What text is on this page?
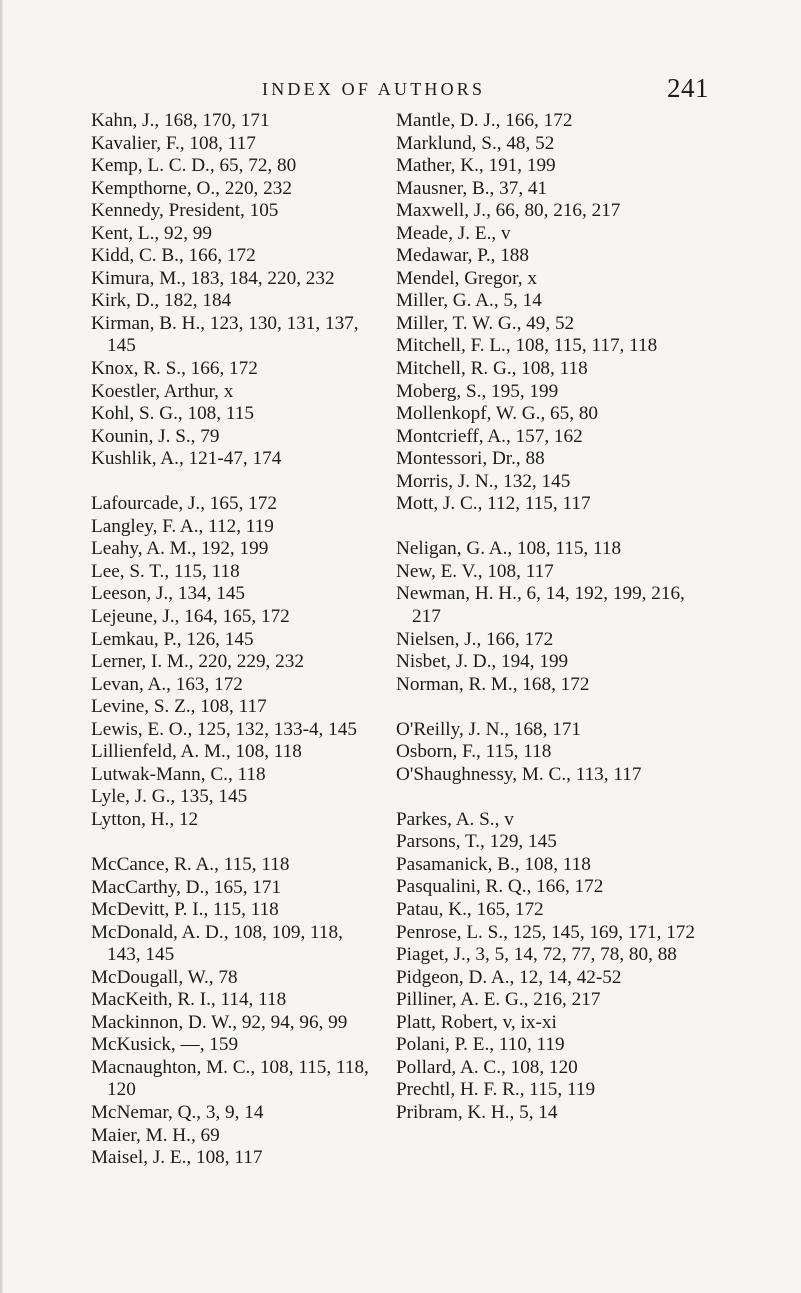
INDEX OF AUTHORS	241
Kahn, J., 168, 170, 171
Kavalier, F., 108, 117
Kemp, L. C. D., 65, 72, 80
Kempthorne, O., 220, 232
Kennedy, President, 105
Kent, L., 92, 99
Kidd, C. B., 166, 172
Kimura, M., 183, 184, 220, 232
Kirk, D., 182, 184
Kirman, B. H., 123, 130, 131, 137, 145
Knox, R. S., 166, 172
Koestler, Arthur, x
Kohl, S. G., 108, 115
Kounin, J. S., 79
Kushlik, A., 121-47, 174
Lafourcade, J., 165, 172
Langley, F. A., 112, 119
Leahy, A. M., 192, 199
Lee, S. T., 115, 118
Leeson, J., 134, 145
Lejeune, J., 164, 165, 172
Lemkau, P., 126, 145
Lerner, I. M., 220, 229, 232
Levan, A., 163, 172
Levine, S. Z., 108, 117
Lewis, E. O., 125, 132, 133-4, 145
Lillienfeld, A. M., 108, 118
Lutwak-Mann, C., 118
Lyle, J. G., 135, 145
Lytton, H., 12
McCance, R. A., 115, 118
MacCarthy, D., 165, 171
McDevitt, P. I., 115, 118
McDonald, A. D., 108, 109, 118, 143, 145
McDougall, W., 78
MacKeith, R. I., 114, 118
Mackinnon, D. W., 92, 94, 96, 99
McKusick, —, 159
Macnaughton, M. C., 108, 115, 118, 120
McNemar, Q., 3, 9, 14
Maier, M. H., 69
Maisel, J. E., 108, 117
Mantle, D. J., 166, 172
Marklund, S., 48, 52
Mather, K., 191, 199
Mausner, B., 37, 41
Maxwell, J., 66, 80, 216, 217
Meade, J. E., v
Medawar, P., 188
Mendel, Gregor, x
Miller, G. A., 5, 14
Miller, T. W. G., 49, 52
Mitchell, F. L., 108, 115, 117, 118
Mitchell, R. G., 108, 118
Moberg, S., 195, 199
Mollenkopf, W. G., 65, 80
Montcrieff, A., 157, 162
Montessori, Dr., 88
Morris, J. N., 132, 145
Mott, J. C., 112, 115, 117
Neligan, G. A., 108, 115, 118
New, E. V., 108, 117
Newman, H. H., 6, 14, 192, 199, 216, 217
Nielsen, J., 166, 172
Nisbet, J. D., 194, 199
Norman, R. M., 168, 172
O'Reilly, J. N., 168, 171
Osborn, F., 115, 118
O'Shaughnessy, M. C., 113, 117
Parkes, A. S., v
Parsons, T., 129, 145
Pasamanick, B., 108, 118
Pasqualini, R. Q., 166, 172
Patau, K., 165, 172
Penrose, L. S., 125, 145, 169, 171, 172
Piaget, J., 3, 5, 14, 72, 77, 78, 80, 88
Pidgeon, D. A., 12, 14, 42-52
Pilliner, A. E. G., 216, 217
Platt, Robert, v, ix-xi
Polani, P. E., 110, 119
Pollard, A. C., 108, 120
Prechtl, H. F. R., 115, 119
Pribram, K. H., 5, 14
